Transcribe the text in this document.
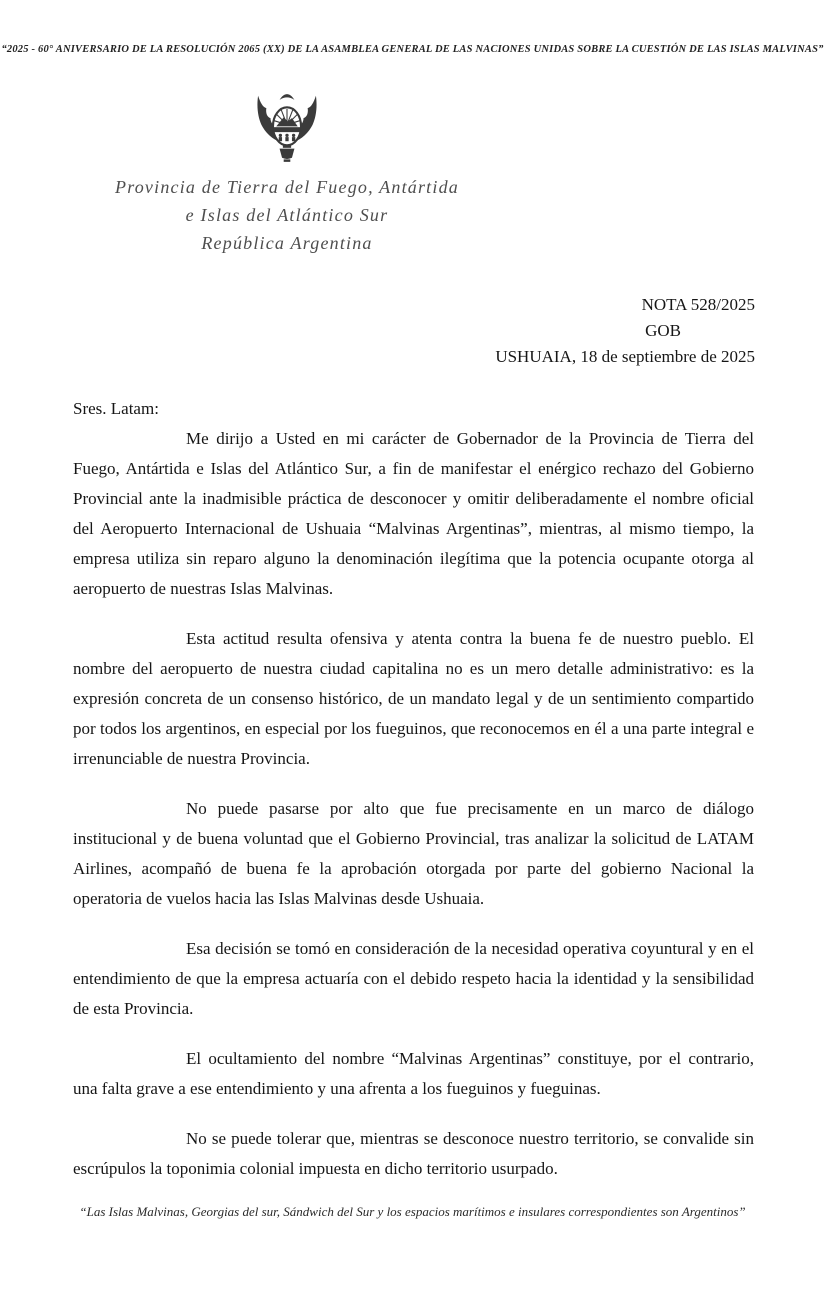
“2025 - 60° ANIVERSARIO DE LA RESOLUCIÓN 2065 (XX) DE LA ASAMBLEA GENERAL DE LAS NACIONES UNIDAS SOBRE LA CUESTIÓN DE LAS ISLAS MALVINAS”
Provincia de Tierra del Fuego, Antártida
e Islas del Atlántico Sur
República Argentina
NOTA 528/2025
GOB
USHUAIA, 18 de septiembre de 2025
Sres. Latam:

Me dirijo a Usted en mi carácter de Gobernador de la Provincia de Tierra del Fuego, Antártida e Islas del Atlántico Sur, a fin de manifestar el enérgico rechazo del Gobierno Provincial ante la inadmisible práctica de desconocer y omitir deliberadamente el nombre oficial del Aeropuerto Internacional de Ushuaia “Malvinas Argentinas”, mientras, al mismo tiempo, la empresa utiliza sin reparo alguno la denominación ilegítima que la potencia ocupante otorga al aeropuerto de nuestras Islas Malvinas.

Esta actitud resulta ofensiva y atenta contra la buena fe de nuestro pueblo. El nombre del aeropuerto de nuestra ciudad capitalina no es un mero detalle administrativo: es la expresión concreta de un consenso histórico, de un mandato legal y de un sentimiento compartido por todos los argentinos, en especial por los fueguinos, que reconocemos en él a una parte integral e irrenunciable de nuestra Provincia.

No puede pasarse por alto que fue precisamente en un marco de diálogo institucional y de buena voluntad que el Gobierno Provincial, tras analizar la solicitud de LATAM Airlines, acompañó de buena fe la aprobación otorgada por parte del gobierno Nacional la operatoria de vuelos hacia las Islas Malvinas desde Ushuaia.

Esa decisión se tomó en consideración de la necesidad operativa coyuntural y en el entendimiento de que la empresa actuaría con el debido respeto hacia la identidad y la sensibilidad de esta Provincia.

El ocultamiento del nombre “Malvinas Argentinas” constituye, por el contrario, una falta grave a ese entendimiento y una afrenta a los fueguinos y fueguinas.

No se puede tolerar que, mientras se desconoce nuestro territorio, se convalide sin escrúpulos la toponimia colonial impuesta en dicho territorio usurpado.

“Las Islas Malvinas, Georgias del sur, Sándwich del Sur y los espacios marítimos e insulares correspondientes son Argentinos”
